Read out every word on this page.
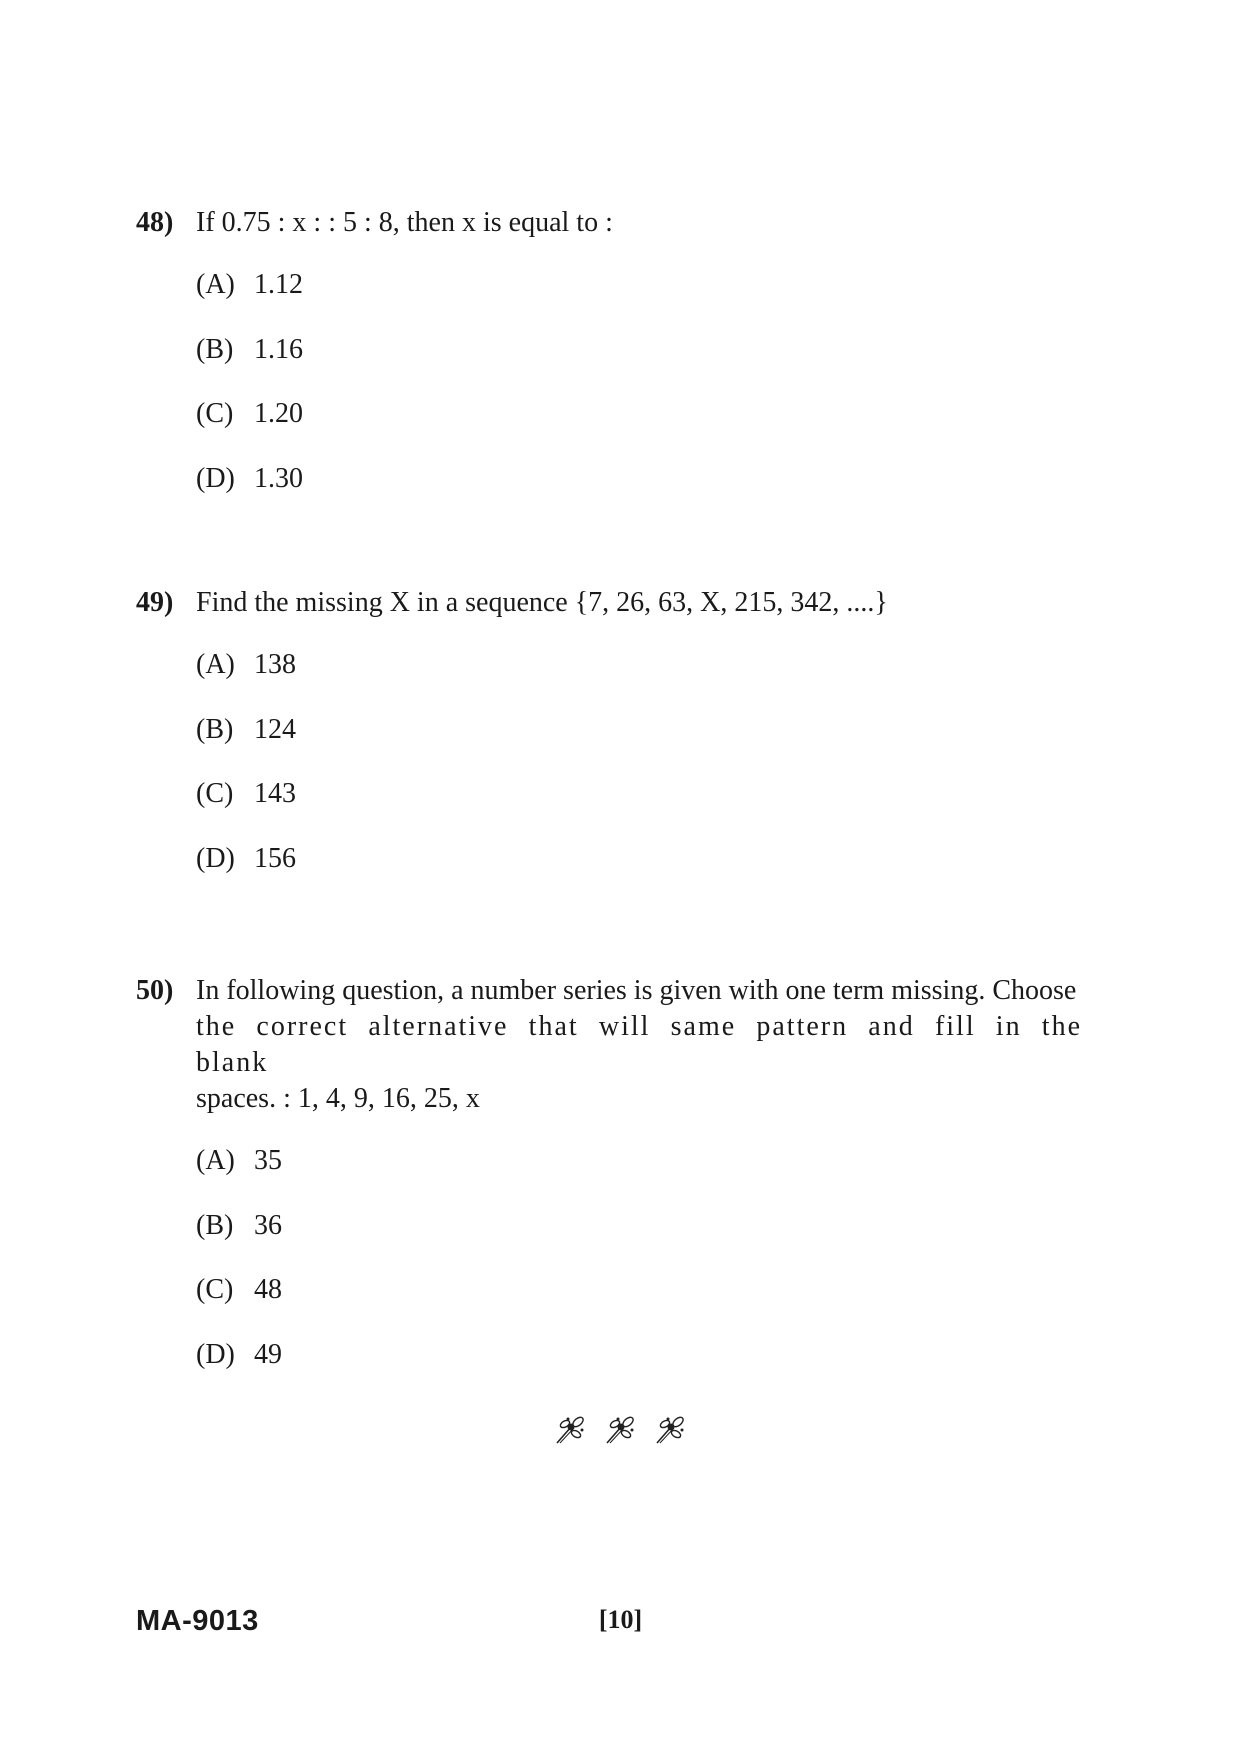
48) If 0.75 : x : : 5 : 8, then x is equal to :
(A) 1.12
(B) 1.16
(C) 1.20
(D) 1.30
49) Find the missing X in a sequence {7, 26, 63, X, 215, 342, ....}
(A) 138
(B) 124
(C) 143
(D) 156
50) In following question, a number series is given with one term missing. Choose
the correct alternative that will same pattern and fill in the blank
spaces. : 1, 4, 9, 16, 25, x
(A) 35
(B) 36
(C) 48
(D) 49
MA-9013	[10]
